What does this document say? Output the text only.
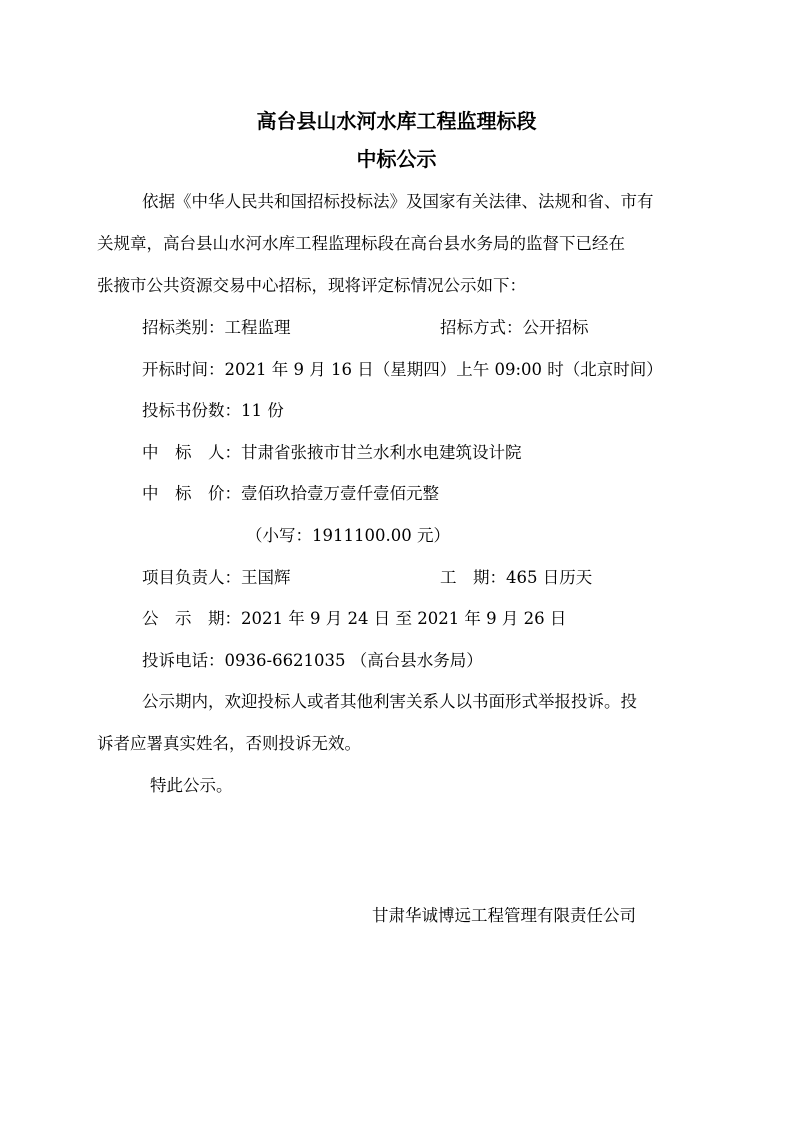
高台县山水河水库工程监理标段
中标公示
依据《中华人民共和国招标投标法》及国家有关法律、法规和省、市有
关规章，高台县山水河水库工程监理标段在高台县水务局的监督下已经在
张掖市公共资源交易中心招标，现将评定标情况公示如下：
招标类别：工程监理	招标方式：公开招标
开标时间：2021 年 9 月 16 日（星期四）上午 09:00 时（北京时间）
投标书份数：11 份
中　标　人：甘肃省张掖市甘兰水利水电建筑设计院
中　标　价：壹佰玖拾壹万壹仟壹佰元整
（小写：1911100.00 元）
项目负责人：王国辉	工　期：465 日历天
公　示　期：2021 年 9 月 24 日 至 2021 年 9 月 26 日
投诉电话：0936-6621035 （高台县水务局）
公示期内，欢迎投标人或者其他利害关系人以书面形式举报投诉。投
诉者应署真实姓名，否则投诉无效。
特此公示。
甘肃华诚博远工程管理有限责任公司
